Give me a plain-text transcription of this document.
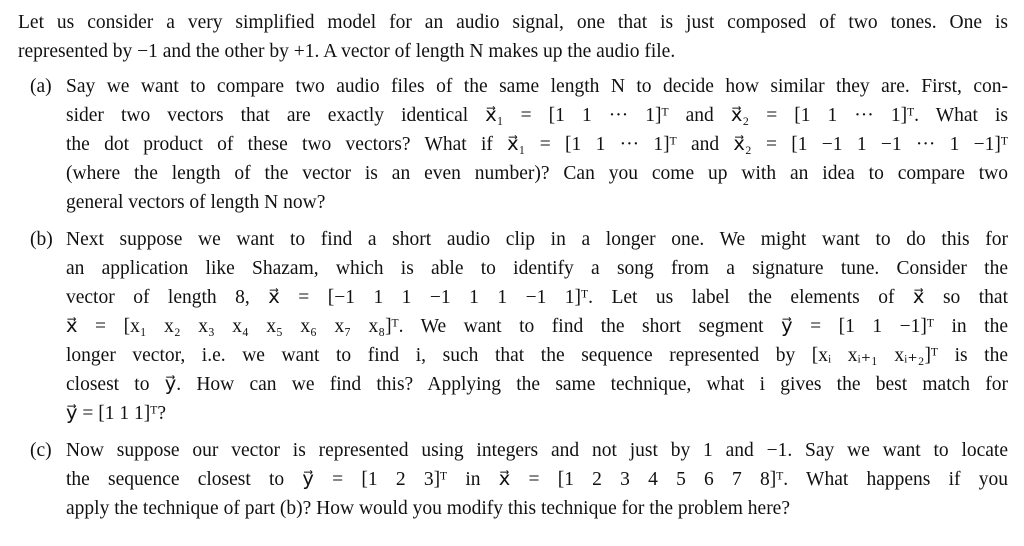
Let us consider a very simplified model for an audio signal, one that is just composed of two tones. One is
represented by −1 and the other by +1. A vector of length N makes up the audio file.
(a) Say we want to compare two audio files of the same length N to decide how similar they are. First, con-
sider two vectors that are exactly identical x⃗₁ = [1 1 ··· 1]ᵀ and x⃗₂ = [1 1 ··· 1]ᵀ. What is
the dot product of these two vectors? What if x⃗₁ = [1 1 ··· 1]ᵀ and x⃗₂ = [1 −1 1 −1 ··· 1 −1]ᵀ
(where the length of the vector is an even number)? Can you come up with an idea to compare two
general vectors of length N now?
(b) Next suppose we want to find a short audio clip in a longer one. We might want to do this for
an application like Shazam, which is able to identify a song from a signature tune. Consider the
vector of length 8, x⃗ = [−1 1 1 −1 1 1 −1 1]ᵀ. Let us label the elements of x⃗ so that
x⃗ = [x₁ x₂ x₃ x₄ x₅ x₆ x₇ x₈]ᵀ. We want to find the short segment y⃗ = [1 1 −1]ᵀ in the
longer vector, i.e. we want to find i, such that the sequence represented by [xᵢ xᵢ₊₁ xᵢ₊₂]ᵀ is the
closest to y⃗. How can we find this? Applying the same technique, what i gives the best match for
y⃗ = [1 1 1]ᵀ?
(c) Now suppose our vector is represented using integers and not just by 1 and −1. Say we want to locate
the sequence closest to y⃗ = [1 2 3]ᵀ in x⃗ = [1 2 3 4 5 6 7 8]ᵀ. What happens if you
apply the technique of part (b)? How would you modify this technique for the problem here?
